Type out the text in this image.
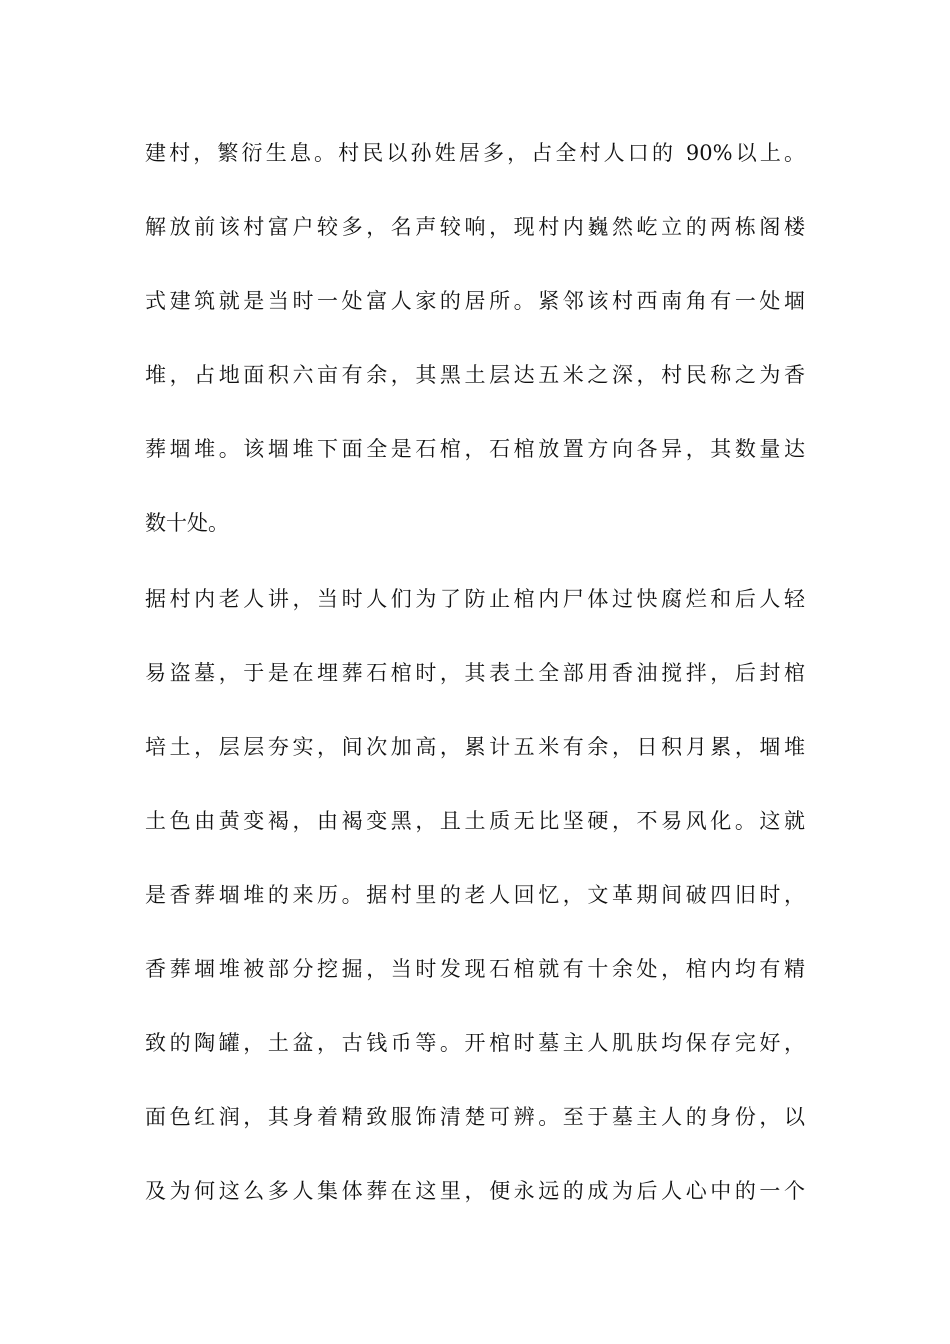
建村，繁衍生息。村民以孙姓居多，占全村人口的 90%以上。
解放前该村富户较多，名声较响，现村内巍然屹立的两栋阁楼
式建筑就是当时一处富人家的居所。紧邻该村西南角有一处堌
堆，占地面积六亩有余，其黑土层达五米之深，村民称之为香
葬堌堆。该堌堆下面全是石棺，石棺放置方向各异，其数量达
数十处。
据村内老人讲，当时人们为了防止棺内尸体过快腐烂和后人轻
易盗墓，于是在埋葬石棺时，其表土全部用香油搅拌，后封棺
培土，层层夯实，间次加高，累计五米有余，日积月累，堌堆
土色由黄变褐，由褐变黑，且土质无比坚硬，不易风化。这就
是香葬堌堆的来历。据村里的老人回忆，文革期间破四旧时，
香葬堌堆被部分挖掘，当时发现石棺就有十余处，棺内均有精
致的陶罐，土盆，古钱币等。开棺时墓主人肌肤均保存完好，
面色红润，其身着精致服饰清楚可辨。至于墓主人的身份，以
及为何这么多人集体葬在这里，便永远的成为后人心中的一个
